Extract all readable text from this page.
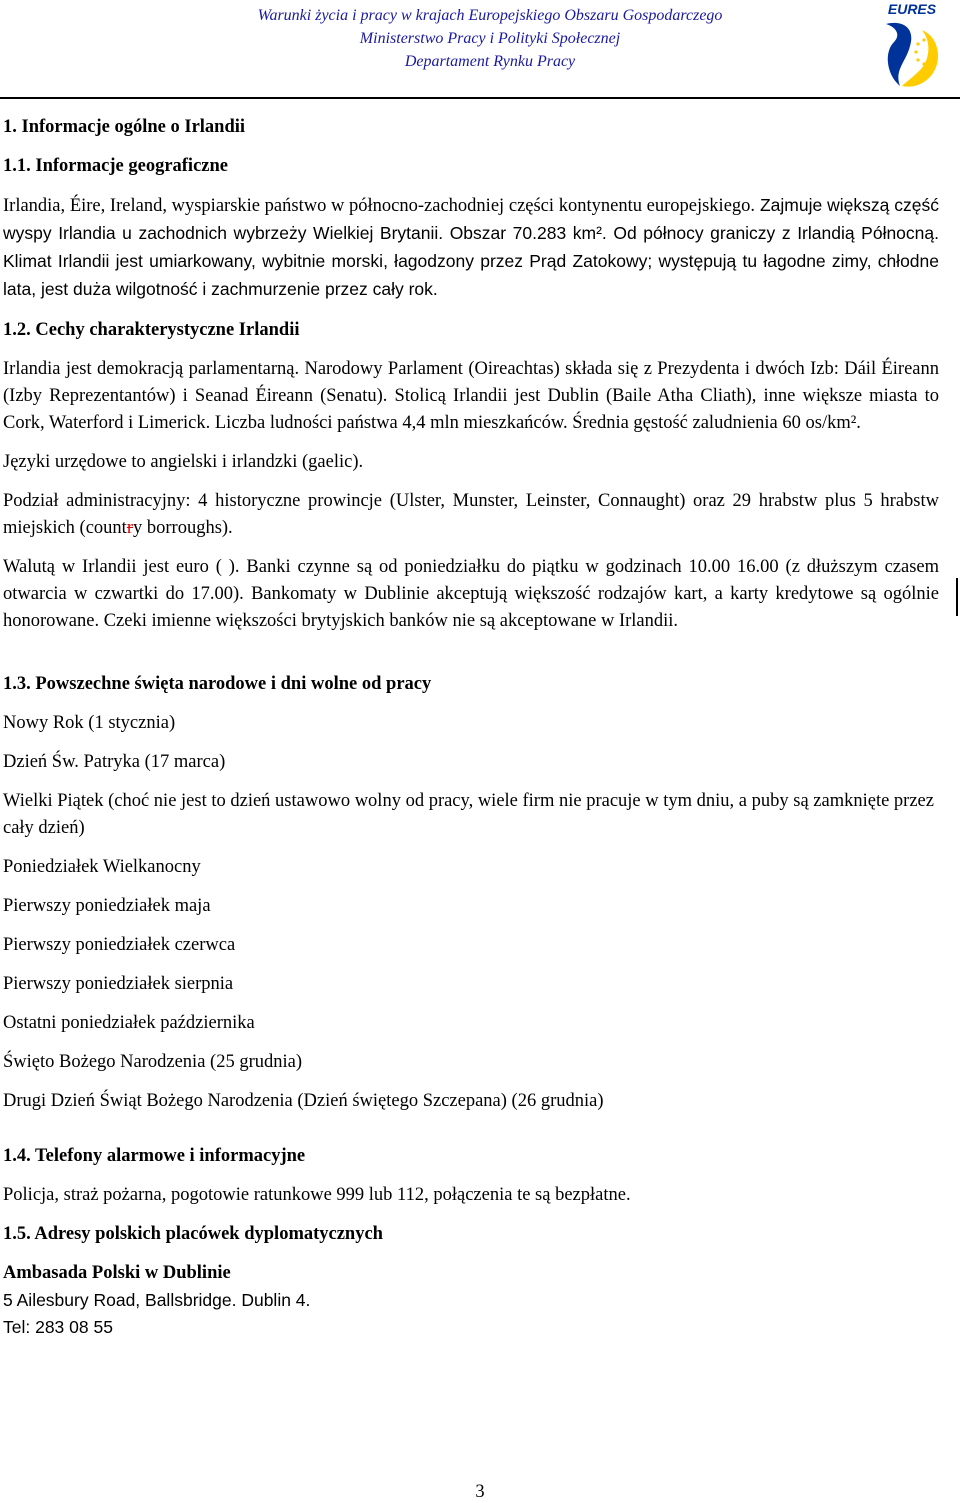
Warunki życia i pracy w krajach Europejskiego Obszaru Gospodarczego
Ministerstwo Pracy i Polityki Społecznej
Departament Rynku Pracy
EURES

1. Informacje ogólne o Irlandii

1.1. Informacje geograficzne

Irlandia, Éire, Ireland, wyspiarskie państwo w północno-zachodniej części kontynentu europejskiego. Zajmuje większą część wyspy Irlandia u zachodnich wybrzeży Wielkiej Brytanii. Obszar 70.283 km². Od północy graniczy z Irlandią Północną. Klimat Irlandii jest umiarkowany, wybitnie morski, łagodzony przez Prąd Zatokowy; występują tu łagodne zimy, chłodne lata, jest duża wilgotność i zachmurzenie przez cały rok.

1.2. Cechy charakterystyczne Irlandii

Irlandia jest demokracją parlamentarną. Narodowy Parlament (Oireachtas) składa się z Prezydenta i dwóch Izb: Dáil Éireann (Izby Reprezentantów) i Seanad Éireann (Senatu). Stolicą Irlandii jest Dublin (Baile Atha Cliath), inne większe miasta to Cork, Waterford i Limerick. Liczba ludności państwa 4,4 mln mieszkańców. Średnia gęstość zaludnienia 60 os/km².

Języki urzędowe to angielski i irlandzki (gaelic).

Podział administracyjny: 4 historyczne prowincje (Ulster, Munster, Leinster, Connaught) oraz 29 hrabstw plus 5 hrabstw miejskich (country borroughs).

Walutą w Irlandii jest euro ( ). Banki czynne są od poniedziałku do piątku w godzinach 10.00 16.00 (z dłuższym czasem otwarcia w czwartki do 17.00). Bankomaty w Dublinie akceptują większość rodzajów kart, a karty kredytowe są ogólnie honorowane. Czeki imienne większości brytyjskich banków nie są akceptowane w Irlandii.

1.3. Powszechne święta narodowe i dni wolne od pracy

Nowy Rok (1 stycznia)

Dzień Św. Patryka (17 marca)

Wielki Piątek (choć nie jest to dzień ustawowo wolny od pracy, wiele firm nie pracuje w tym dniu, a puby są zamknięte przez cały dzień)

Poniedziałek Wielkanocny

Pierwszy poniedziałek maja

Pierwszy poniedziałek czerwca

Pierwszy poniedziałek sierpnia

Ostatni poniedziałek października

Święto Bożego Narodzenia (25 grudnia)

Drugi Dzień Świąt Bożego Narodzenia (Dzień świętego Szczepana) (26 grudnia)

1.4. Telefony alarmowe i informacyjne

Policja, straż pożarna, pogotowie ratunkowe 999 lub 112, połączenia te są bezpłatne.

1.5. Adresy polskich placówek dyplomatycznych

Ambasada Polski w Dublinie

5 Ailesbury Road, Ballsbridge. Dublin 4.

Tel: 283 08 55

3
